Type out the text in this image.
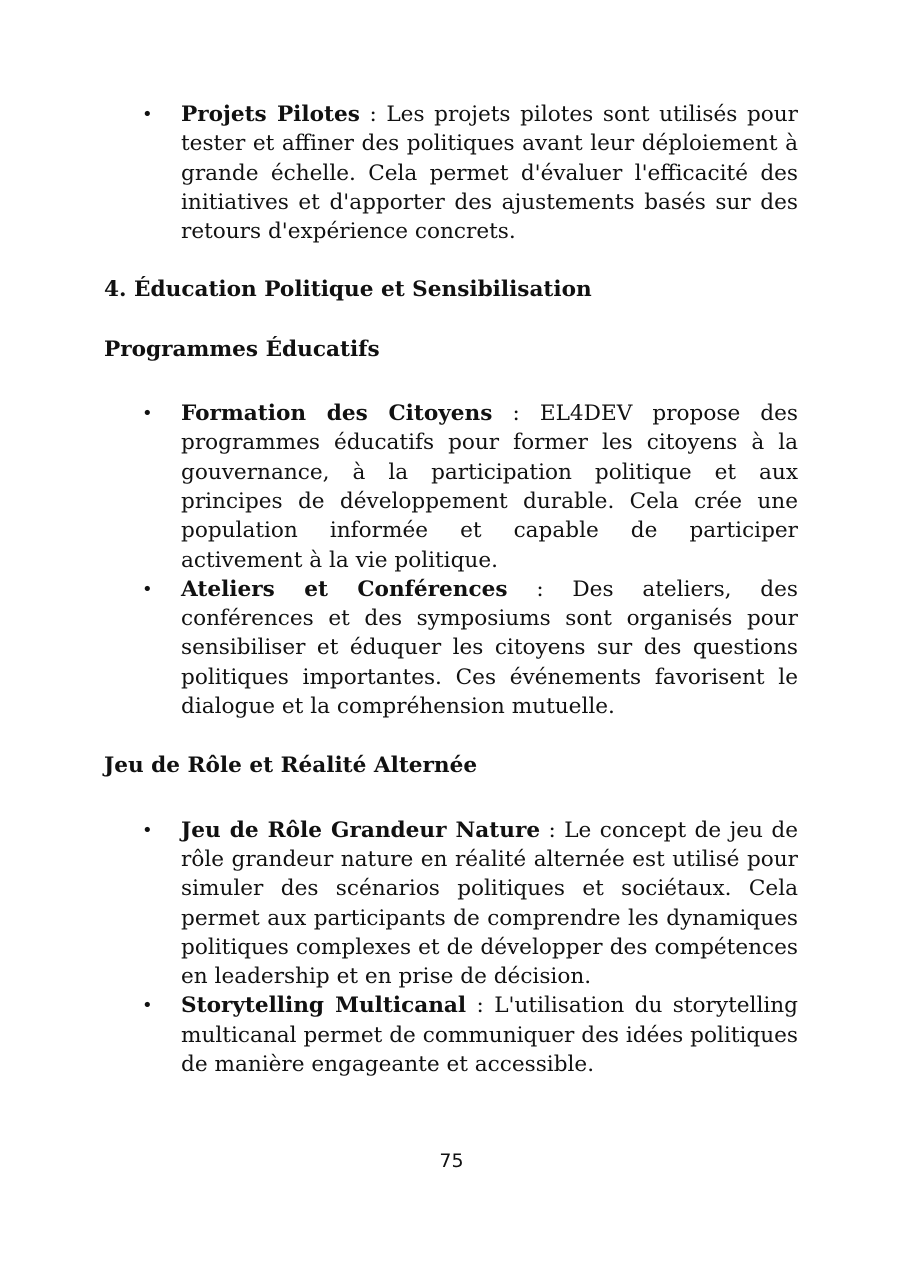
• Projets Pilotes : Les projets pilotes sont utilisés pour tester et affiner des politiques avant leur déploiement à grande échelle. Cela permet d'évaluer l'efficacité des initiatives et d'apporter des ajustements basés sur des retours d'expérience concrets.
4. Éducation Politique et Sensibilisation
Programmes Éducatifs
• Formation des Citoyens : EL4DEV propose des programmes éducatifs pour former les citoyens à la gouvernance, à la participation politique et aux principes de développement durable. Cela crée une population informée et capable de participer activement à la vie politique.
• Ateliers et Conférences : Des ateliers, des conférences et des symposiums sont organisés pour sensibiliser et éduquer les citoyens sur des questions politiques importantes. Ces événements favorisent le dialogue et la compréhension mutuelle.
Jeu de Rôle et Réalité Alternée
• Jeu de Rôle Grandeur Nature : Le concept de jeu de rôle grandeur nature en réalité alternée est utilisé pour simuler des scénarios politiques et sociétaux. Cela permet aux participants de comprendre les dynamiques politiques complexes et de développer des compétences en leadership et en prise de décision.
• Storytelling Multicanal : L'utilisation du storytelling multicanal permet de communiquer des idées politiques de manière engageante et accessible.
75
